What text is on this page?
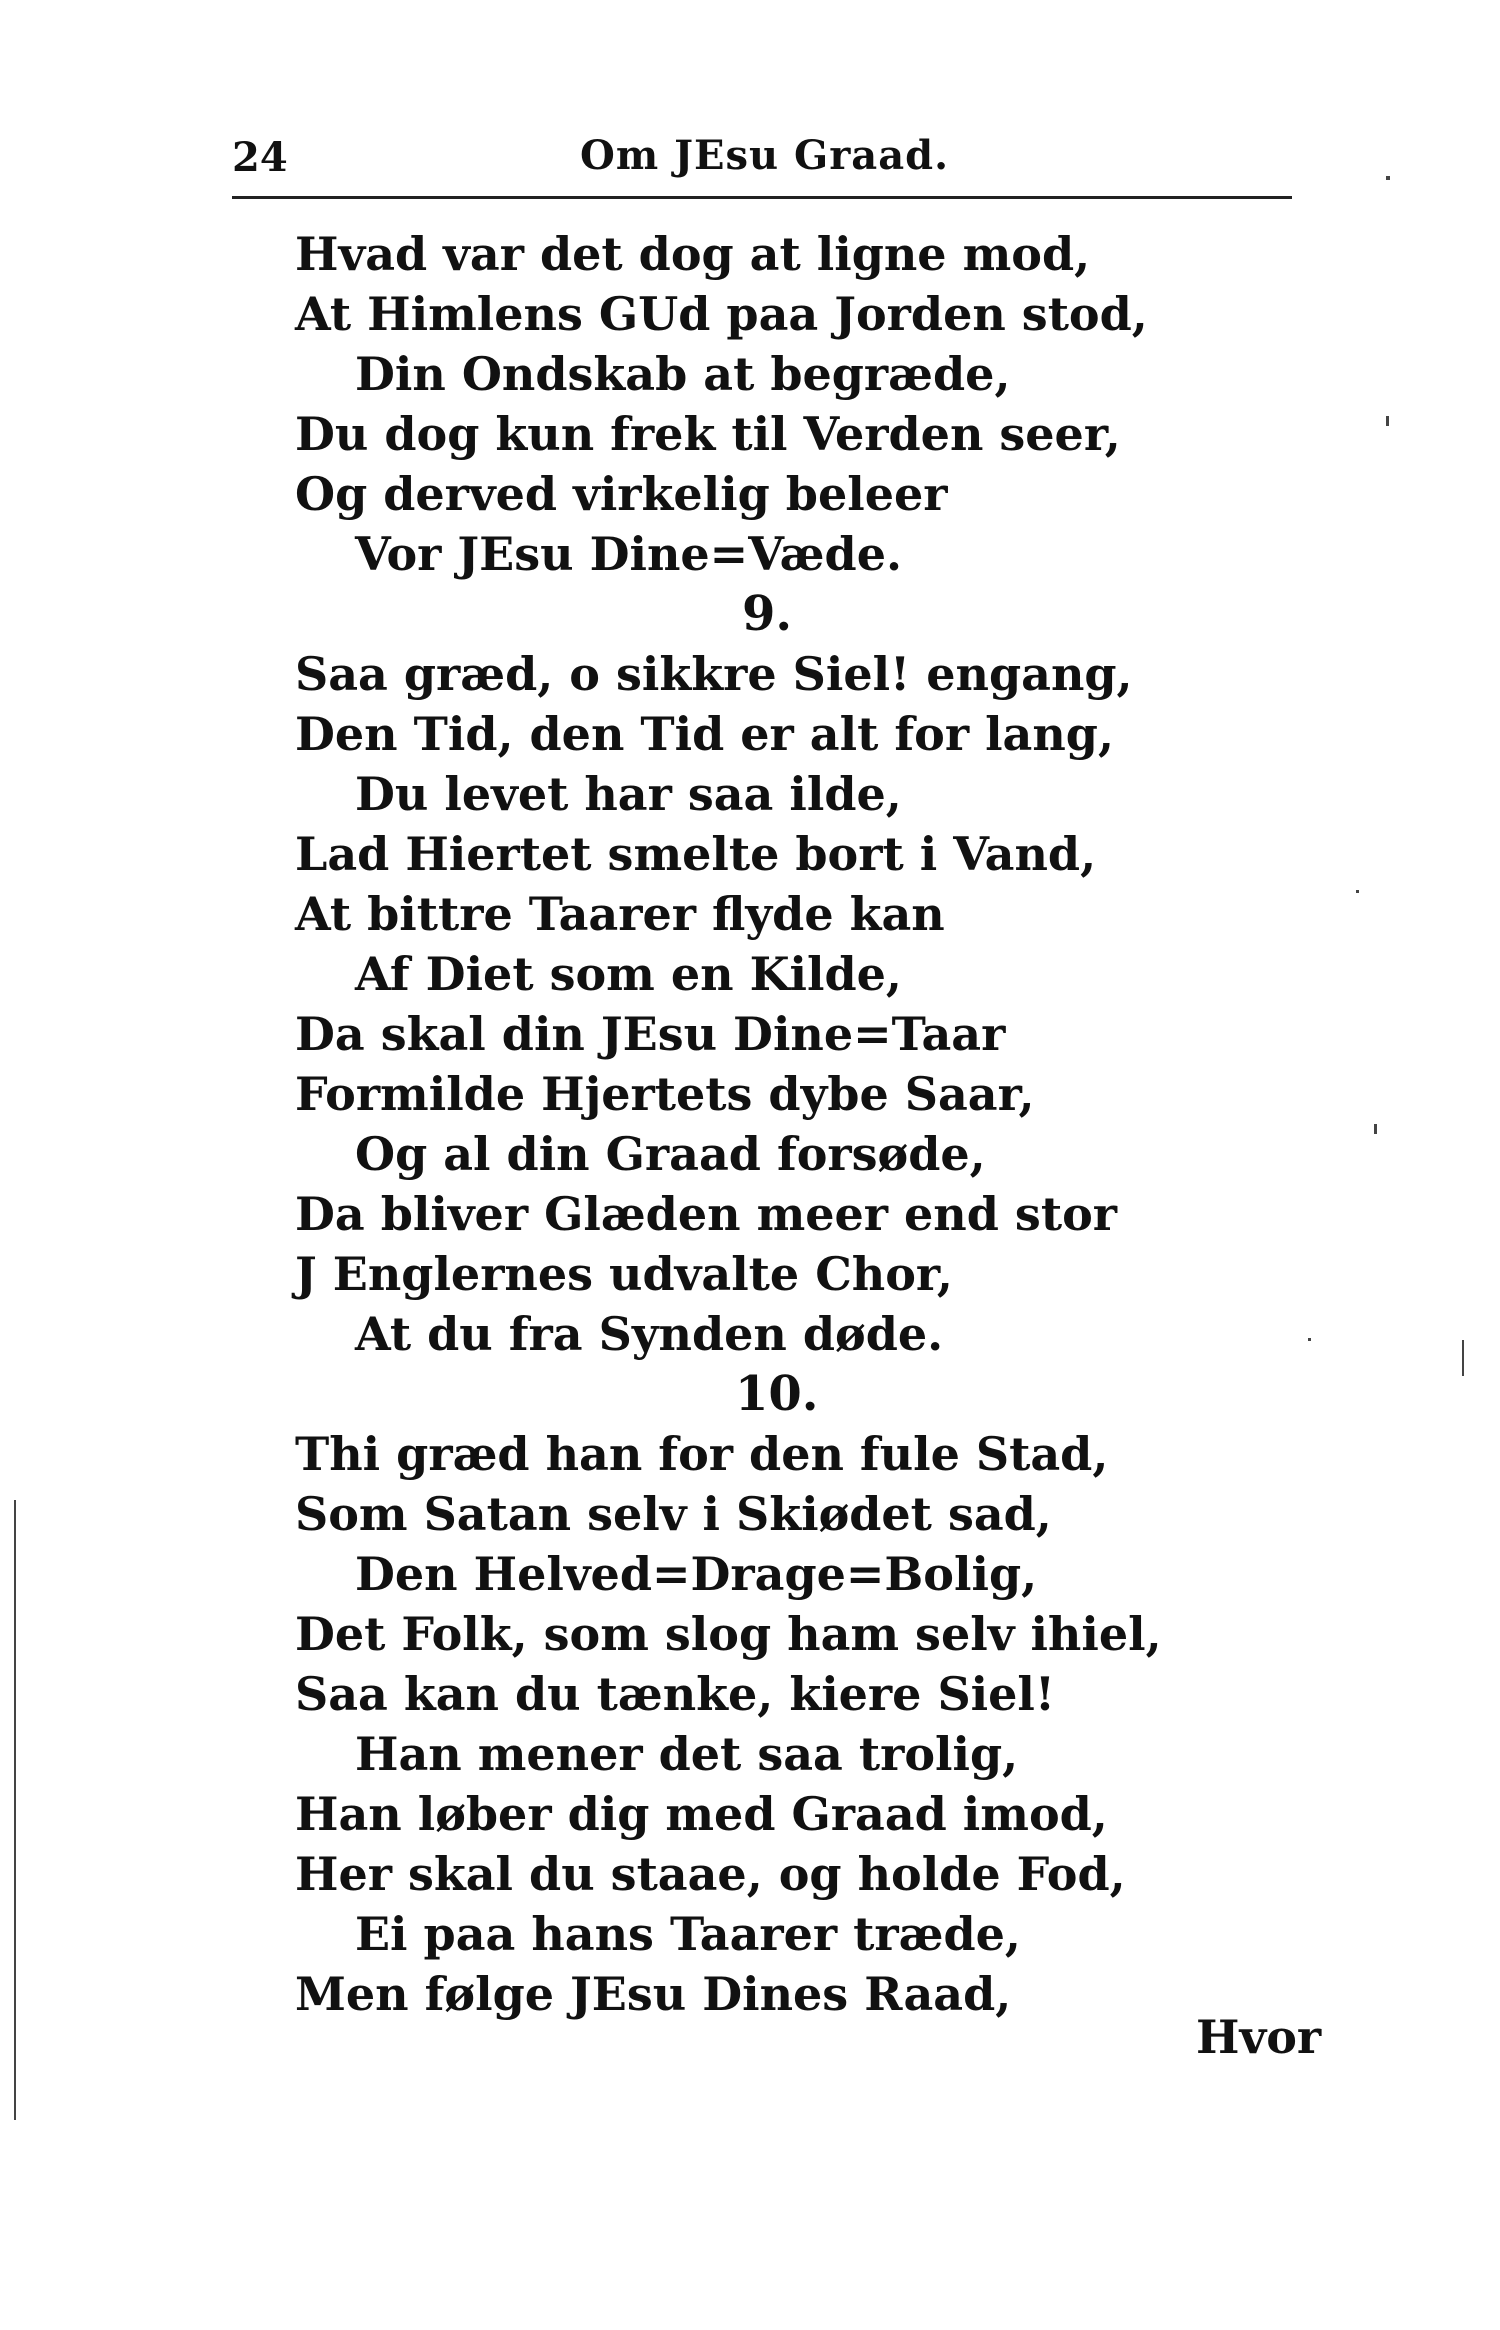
24	Om JEsu Graad.
Hvad var det dog at ligne mod,
At Himlens GUd paa Jorden stod,
Din Ondskab at begræde,
Du dog kun frek til Verden seer,
Og derved virkelig beleer
Vor JEsu Dine=Væde.
9.
Saa græd, o sikkre Siel! engang,
Den Tid, den Tid er alt for lang,
Du levet har saa ilde,
Lad Hiertet smelte bort i Vand,
At bittre Taarer flyde kan
Af Diet som en Kilde,
Da skal din JEsu Dine=Taar
Formilde Hjertets dybe Saar,
Og al din Graad forsøde,
Da bliver Glæden meer end stor
J Englernes udvalte Chor,
At du fra Synden døde.
10.
Thi græd han for den fule Stad,
Som Satan selv i Skiødet sad,
Den Helved=Drage=Bolig,
Det Folk, som slog ham selv ihiel,
Saa kan du tænke, kiere Siel!
Han mener det saa trolig,
Han løber dig med Graad imod,
Her skal du staae, og holde Fod,
Ei paa hans Taarer træde,
Men følge JEsu Dines Raad,
Hvor
